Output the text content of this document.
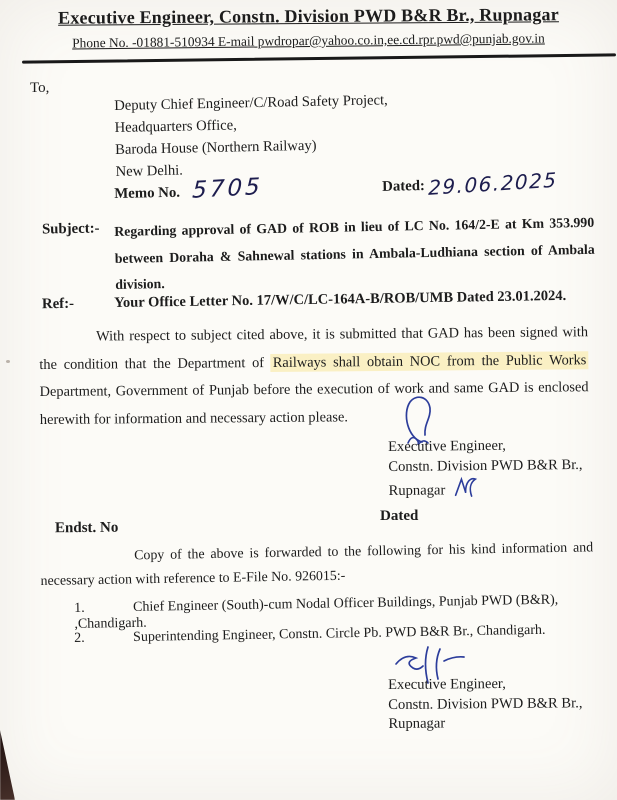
Executive Engineer, Constn. Division PWD B&R Br., Rupnagar
Phone No. -01881-510934 E-mail pwdropar@yahoo.co.in,ee.cd.rpr.pwd@punjab.gov.in
To,
Deputy Chief Engineer/C/Road Safety Project,
Headquarters Office,
Baroda House (Northern Railway)
New Delhi.
Memo No. 5705	Dated: 29.06.2025
Subject:- Regarding approval of GAD of ROB in lieu of LC No. 164/2-E at Km 353.990 between Doraha & Sahnewal stations in Ambala-Ludhiana section of Ambala division.
Ref:-	Your Office Letter No. 17/W/C/LC-164A-B/ROB/UMB Dated 23.01.2024.
With respect to subject cited above, it is submitted that GAD has been signed with the condition that the Department of Railways shall obtain NOC from the Public Works Department, Government of Punjab before the execution of work and same GAD is enclosed herewith for information and necessary action please.
Executive Engineer,
Constn. Division PWD B&R Br.,
Rupnagar
Dated
Endst. No
Copy of the above is forwarded to the following for his kind information and necessary action with reference to E-File No. 926015:-
1.	Chief Engineer (South)-cum Nodal Officer Buildings, Punjab PWD (B&R), ,Chandigarh.
2.	Superintending Engineer, Constn. Circle Pb. PWD B&R Br., Chandigarh.
Executive Engineer,
Constn. Division PWD B&R Br.,
Rupnagar
